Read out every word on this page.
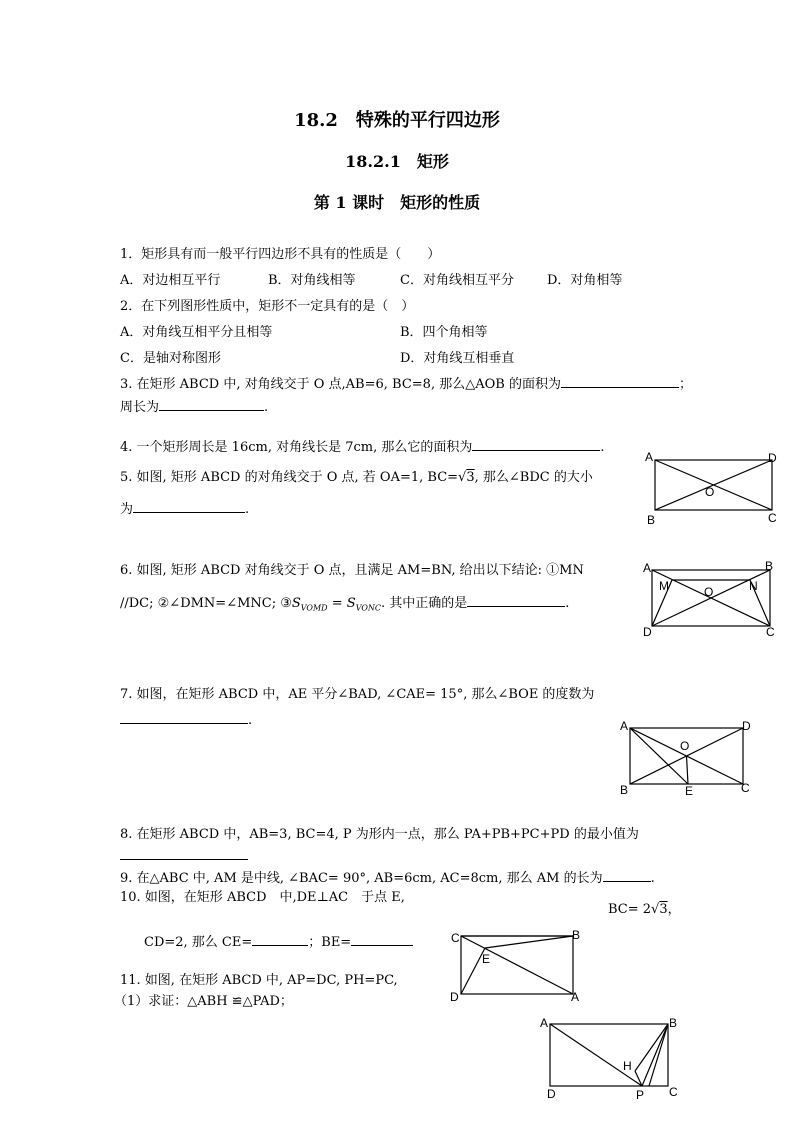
18.2　特殊的平行四边形
18.2.1　矩形
第 1 课时　矩形的性质
1．矩形具有而一般平行四边形不具有的性质是（　　）
A．对边相互平行	B．对角线相等	C．对角线相互平分	D．对角相等
2．在下列图形性质中，矩形不一定具有的是（　）
A．对角线互相平分且相等	B．四个角相等
C．是轴对称图形	D．对角线互相垂直
3. 在矩形 ABCD 中, 对角线交于 O 点,AB=6, BC=8, 那么△AOB 的面积为	；
周长为	.
4. 一个矩形周长是 16cm, 对角线长是 7cm, 那么它的面积为	.
5. 如图, 矩形 ABCD 的对角线交于 O 点, 若 OA=1, BC=√3, 那么∠BDC 的大小
为	.
A	D
O
B	C
6. 如图, 矩形 ABCD 对角线交于 O 点，且满足 AM=BN, 给出以下结论: ①MN
//DC; ②∠DMN=∠MNC; $③S_{VOMD} = S_{VONC}$. 其中正确的是	.
A	B
M	O	N
D	C
7. 如图，在矩形 ABCD 中，AE 平分∠BAD, ∠CAE= 15°, 那么∠BOE 的度数为
.	A	D
O
B	E	C
8. 在矩形 ABCD 中，AB=3, BC=4, P 为形内一点，那么 PA+PB+PC+PD 的最小值为
9. 在△ABC 中, AM 是中线, ∠BAC= 90°, AB=6cm, AC=8cm, 那么 AM 的长为	.
10. 如图，在矩形 ABCD　中,DE⊥AC　于点 E,
BC= 2√3，
CD=2, 那么 CE=	；BE=	C	B
E
D	A
11. 如图, 在矩形 ABCD 中, AP=DC, PH=PC,
（1）求证：△ABH ≌△PAD；
A	B
H
D	P C
